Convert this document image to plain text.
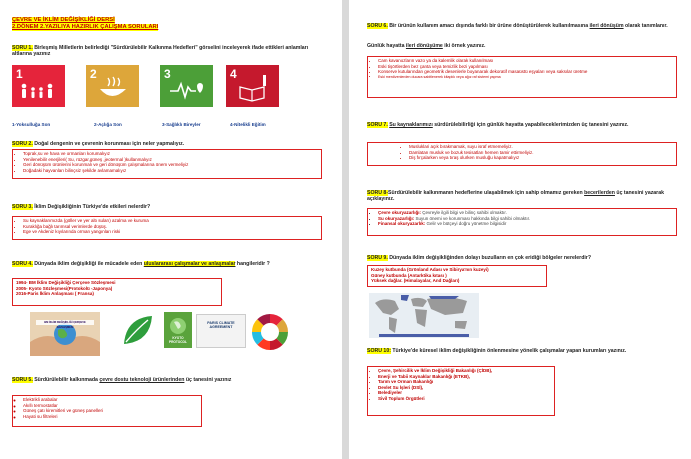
ÇEVRE VE İKLİM DEĞİŞİKLİĞİ DERSİ
2.DÖNEM 2.YAZILIYA HAZIRLIK ÇALIŞMA SORULARI
SORU 1. Birleşmiş Milletlerin belirlediği "Sürdürülebilir Kalkınma Hedefleri" görselini incelеyerek ifade ettikleri anlamları altlarına yazınız
1	2	3	4
1-Yoksulluğa Son	2-Açlığa Son	3-Sağlıklı Bireyler	4-Nitelikli Eğitim
SORU 2. Doğal dengenin ve çevrenin korunması için neler yapmalıyız.
• Toprak,su ve hava ve ormanları korumalıyız
• Yenilenebilir enerjileri( Su, rüzgar,güneş ,jeotermal )kullanmalıyız
• Geri dönüşüm ürünlerini korunmalı ve geri dönüşüm çalışmalarına önem vermeliyiz
• Doğadaki hayvanları bilinçsiz şekilde avlamamalıyız
SORU 3. İklim Değişikliğinin Türkiye'de etkileri nelerdir?
• Su kaynaklarımızda (göller ve yer altı suları) azalma ve kuruma
• Kuraklığa bağlı tarımsal verimlerde düşüş.
• Ege ve Akdeniz kıyılarında orman yangınları riski
SORU 4. Dünyada iklim değişikliği ile mücadele eden uluslararası çalışmalar ve anlaşmalar hangileridir ?
1994- BM İklim Değişikliği Çerçeve Sözleşmesi
2005- Kyoto Sözleşmesi(Protokolü -Japonya)
2016-Paris İklim Anlaşması ( Fransa)
BM İKLİM DEĞİŞİKLİĞİ ÇERÇEVE SÖZLEŞMESİ
KYOTO PROTOCOL
PARIS CLIMATE AGREEMENT
SORU 5. Sürdürülebilir kalkınmada çevre dostu teknoloji ürünlerinden üç tanesini yazınız
◦ Elektrikli arabalar
◦ Akıllı termostatlar
◦ Güneş çatı kiremitleri ve güneş panelleri
◦ Hayati su filtreleri
SORU 6. Bir ürünün kullanım amacı dışında farklı bir ürüne dönüştürülerek kullanılmasına ileri dönüşüm olarak tanımlanır.
Günlük hayatta ileri dönüşüme iki örnek yazınız.
• Cam kavanozların vazo ya da kalemlik olarak kullanılması
• Eski tişörtlerden bez çanta veya temizlik bezi yapılması
• Konserve kutularından geometrik desenlerle boyanarak dekoratif masaüstü eşyaları veya saksılar üretme
• Eski merdivenlerden ducara sabitlenerek kitaplık veya ağız raf sistemi yapma
SORU 7. Su kaynaklarımızı sürdürülebilirliği için günlük hayatta yapabileceklerimizden üç tanesini yazınız.
• Musluklari açık bırakmamak, suyu israf etmemeliyiz.
• Damlatan musluk ve bozuk tesisatları hemen tamir ettirmeliyiz.
• Diş fırçalarken veya tıraş olurken musluğu kapatmalıyız
SORU 8-Sürdürülebilir kalkınmanın hedeflerine ulaşabilmek için sahip olmamız gereken becerilerden üç tanesini yazarak açıklayınız.
▪ Çevre okuryazarlığı: Çevreyle ilgili bilgi ve bilinç sahibi olmaktır.
▪ Su okuryazarlığı: Suyun önemi ve korunması hakkında bilgi sahibi olmaktır.
▪ Finansal okuryazarlık: Gelir ve bütçeyi doğru yönetme bilgisidir
SORU 9. Dünyada iklim değişikliğinden dolayı buzulların en çok eridiği bölgeler nerelerdir?
Kuzey kutbunda (Grönland Adası ve Sibirya'nın kuzeyi)
Güney kutbunda (Antarktika kıtası )
Yüksek dağlar. (Himalayalar, And Dağları)
SORU 10: Türkiye'de küresel iklim değişikliğinin önlenmesine yönelik çalışmalar yapan kurumları yazınız.
• Çevre, Şehircilik ve İklim Değişikliği Bakanlığı (ÇİDB),
• Enerji ve Tabii Kaynaklar Bakanlığı (ETKB),
• Tarım ve Orman Bakanlığı
• Devlet Su İşleri (DSİ),
• Belediyeler
• Sivil Toplum Örgütleri
